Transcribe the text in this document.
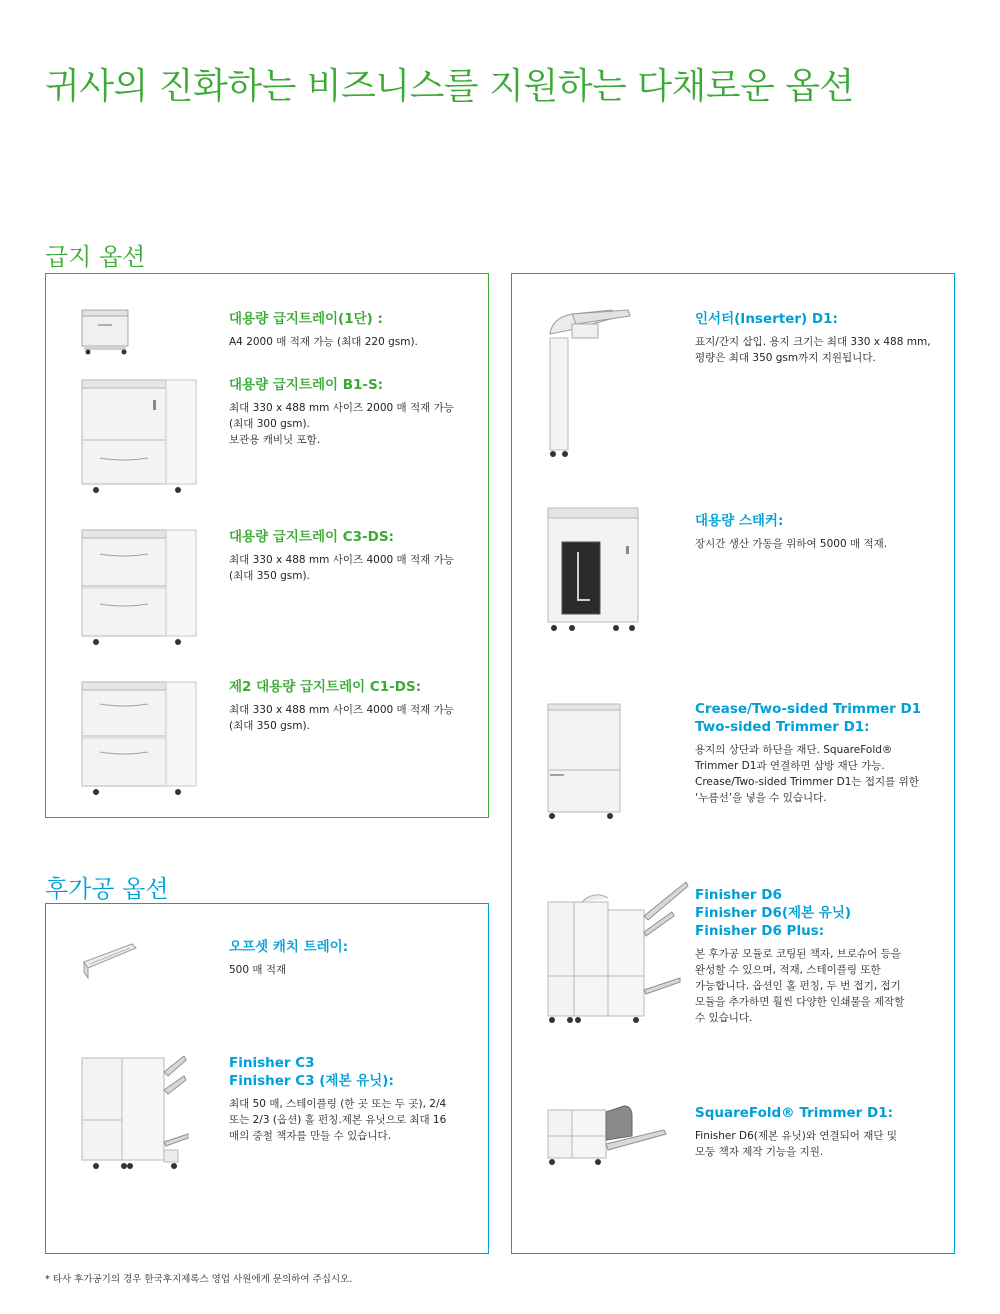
귀사의 진화하는 비즈니스를 지원하는 다채로운 옵션
급지 옵션

대용량 급지트레이(1단) :

A4 2000 매 적재 가능 (최대 220 gsm).

대용량 급지트레이 B1-S:

최대 330 x 488 mm 사이즈 2000 매 적재 가능
(최대 300 gsm).
보관용 캐비닛 포함.

대용량 급지트레이 C3-DS:

최대 330 x 488 mm 사이즈 4000 매 적재 가능
(최대 350 gsm).

제2 대용량 급지트레이 C1-DS:

최대 330 x 488 mm 사이즈 4000 매 적재 가능
(최대 350 gsm).

후가공 옵션

오프셋 캐치 트레이:

500 매 적재

Finisher C3
Finisher C3 (제본 유닛):

최대 50 매, 스테이플링 (한 곳 또는 두 곳), 2/4
또는 2/3 (옵션) 홀 펀칭.제본 유닛으로 최대 16
매의 중철 책자를 만들 수 있습니다.

인서터(Inserter) D1:

표지/간지 삽입. 용지 크기는 최대 330 x 488 mm,
평량은 최대 350 gsm까지 지원됩니다.

대용량 스태커:

장시간 생산 가동을 위하여 5000 매 적재.

Crease/Two-sided Trimmer D1
Two-sided Trimmer D1:

용지의 상단과 하단을 재단. SquareFold®
Trimmer D1과 연결하면 삼방 재단 가능.
Crease/Two-sided Trimmer D1는 접지를 위한
‘누름선’을 넣을 수 있습니다.

Finisher D6
Finisher D6(제본 유닛)
Finisher D6 Plus:

본 후가공 모듈로 코팅된 책자, 브로슈어 등을
완성할 수 있으며, 적재, 스테이플링 또한
가능합니다. 옵션인 홀 펀칭, 두 번 접기, 접기
모듈을 추가하면 훨씬 다양한 인쇄물을 제작할
수 있습니다.

SquareFold® Trimmer D1:

Finisher D6(제본 유닛)와 연결되어 재단 및
모둥 책자 제작 기능을 지원.

* 타사 후가공기의 경우 한국후지제록스 영업 사원에게 문의하여 주십시오.
